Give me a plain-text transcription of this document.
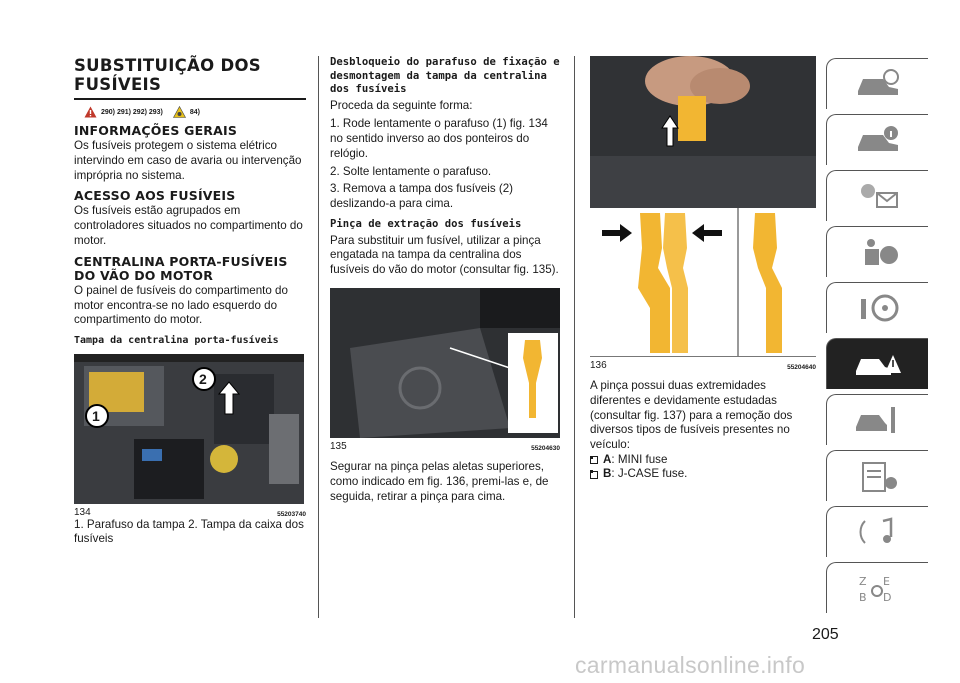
SUBSTITUIÇÃO DOS FUSÍVEIS
290) 291) 292) 293)	84)
INFORMAÇÕES GERAIS

Os fusíveis protegem o sistema elétrico intervindo em caso de avaria ou intervenção imprópria no sistema.

ACESSO AOS FUSÍVEIS

Os fusíveis estão agrupados em controladores situados no compartimento do motor.

CENTRALINA PORTA-FUSÍVEIS DO VÃO DO MOTOR

O painel de fusíveis do compartimento do motor encontra-se no lado esquerdo do compartimento do motor.

Tampa da centralina porta-fusíveis
1
2
134	55203740

1. Parafuso da tampa 2. Tampa da caixa dos fusíveis

Desbloqueio do parafuso de fixação e desmontagem da tampa da centralina dos fusíveis

Proceda da seguinte forma:

1. Rode lentamente o parafuso (1) fig. 134 no sentido inverso ao dos ponteiros do relógio.

2. Solte lentamente o parafuso.

3. Remova a tampa dos fusíveis (2) deslizando-a para cima.

Pinça de extração dos fusíveis

Para substituir um fusível, utilizar a pinça engatada na tampa da centralina dos fusíveis do vão do motor (consultar fig. 135).

135	55204630

Segurar na pinça pelas aletas superiores, como indicado em fig. 136, premi-las e, de seguida, retirar a pinça para cima.

136	55204640

A pinça possui duas extremidades diferentes e devidamente estudadas (consultar fig. 137) para a remoção dos diversos tipos de fusíveis presentes no veículo:

A: MINI fuse
B: J-CASE fuse.
Z E
B D
205
carmanualsonline.info
